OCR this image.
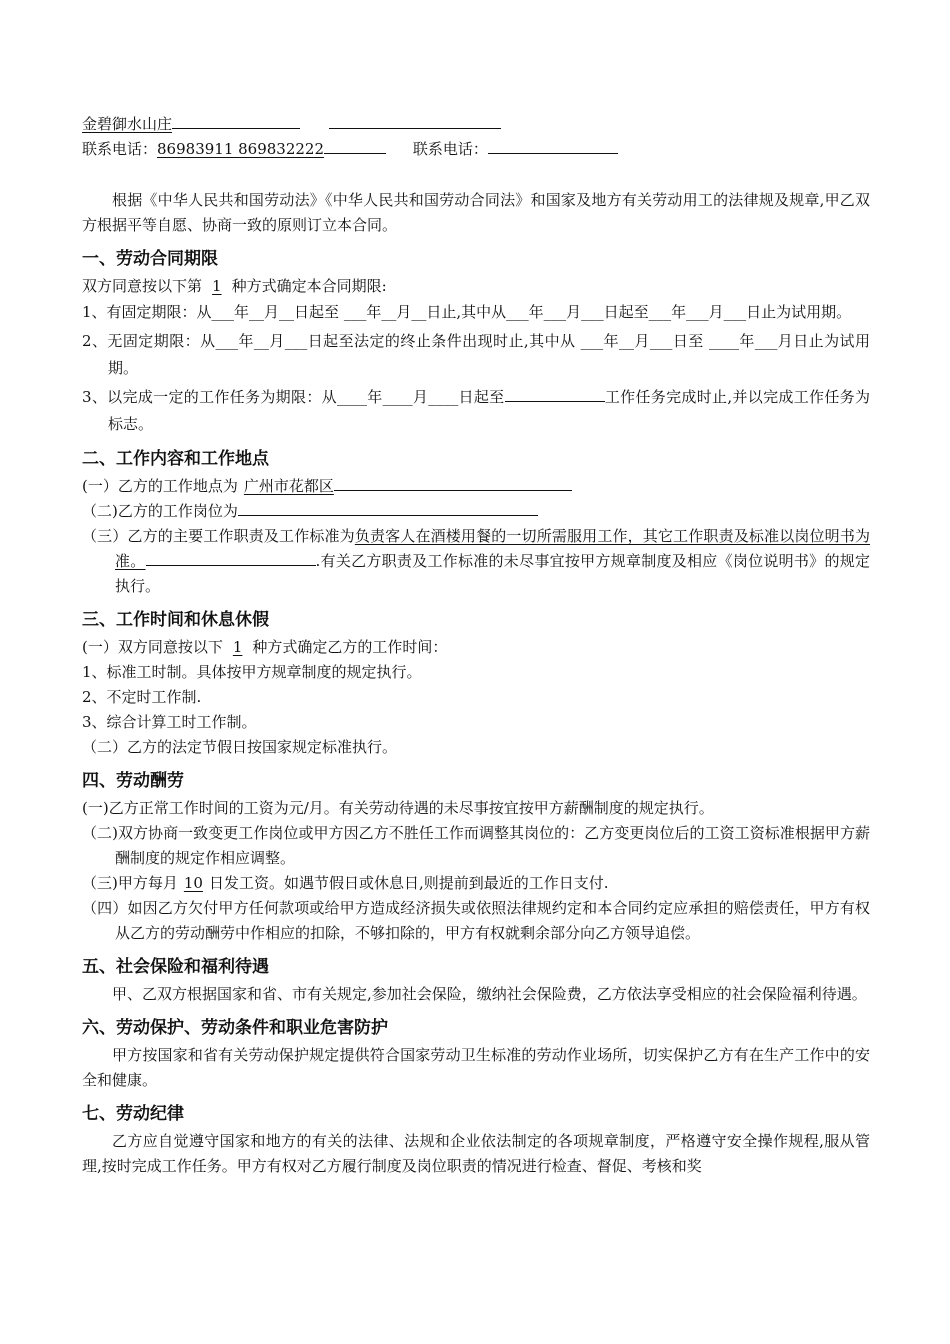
金碧御水山庄
联系电话：86983911 869832222	联系电话：
根据《中华人民共和国劳动法》《中华人民共和国劳动合同法》和国家及地方有关劳动用工的法律规及规章,甲乙双方根据平等自愿、协商一致的原则订立本合同。
一、劳动合同期限
双方同意按以下第 1 种方式确定本合同期限:
1、有固定期限：从___年__月__日起至 ___年__月__日止,其中从___年___月___日起至___年___月___日止为试用期。
2、无固定期限：从___年__月___日起至法定的终止条件出现时止,其中从 ___年__月___日至 ____年___月日止为试用期。
3、以完成一定的工作任务为期限：从____年____月____日起至	工作任务完成时止,并以完成工作任务为标志。
二、工作内容和工作地点
(一）乙方的工作地点为 广州市花都区
（二)乙方的工作岗位为
（三）乙方的主要工作职责及工作标准为负责客人在酒楼用餐的一切所需服用工作，其它工作职责及标准以岗位明书为准。	.有关乙方职责及工作标准的未尽事宜按甲方规章制度及相应《岗位说明书》的规定执行。
三、工作时间和休息休假
(一）双方同意按以下 1 种方式确定乙方的工作时间：
1、标准工时制。具体按甲方规章制度的规定执行。
2、不定时工作制.
3、综合计算工时工作制。
（二）乙方的法定节假日按国家规定标准执行。
四、劳动酬劳
(一)乙方正常工作时间的工资为元/月。有关劳动待遇的未尽事按宜按甲方薪酬制度的规定执行。
（二)双方协商一致变更工作岗位或甲方因乙方不胜任工作而调整其岗位的：乙方变更岗位后的工资工资标准根据甲方薪酬制度的规定作相应调整。
（三)甲方每月 10 日发工资。如遇节假日或休息日,则提前到最近的工作日支付.
（四）如因乙方欠付甲方任何款项或给甲方造成经济损失或依照法律规约定和本合同约定应承担的赔偿责任，甲方有权从乙方的劳动酬劳中作相应的扣除，不够扣除的，甲方有权就剩余部分向乙方领导追偿。
五、社会保险和福利待遇
甲、乙双方根据国家和省、市有关规定,参加社会保险，缴纳社会保险费，乙方依法享受相应的社会保险福利待遇。
六、劳动保护、劳动条件和职业危害防护
甲方按国家和省有关劳动保护规定提供符合国家劳动卫生标准的劳动作业场所，切实保护乙方有在生产工作中的安全和健康。
七、劳动纪律
乙方应自觉遵守国家和地方的有关的法律、法规和企业依法制定的各项规章制度，严格遵守安全操作规程,服从管理,按时完成工作任务。甲方有权对乙方履行制度及岗位职责的情况进行检查、督促、考核和奖
